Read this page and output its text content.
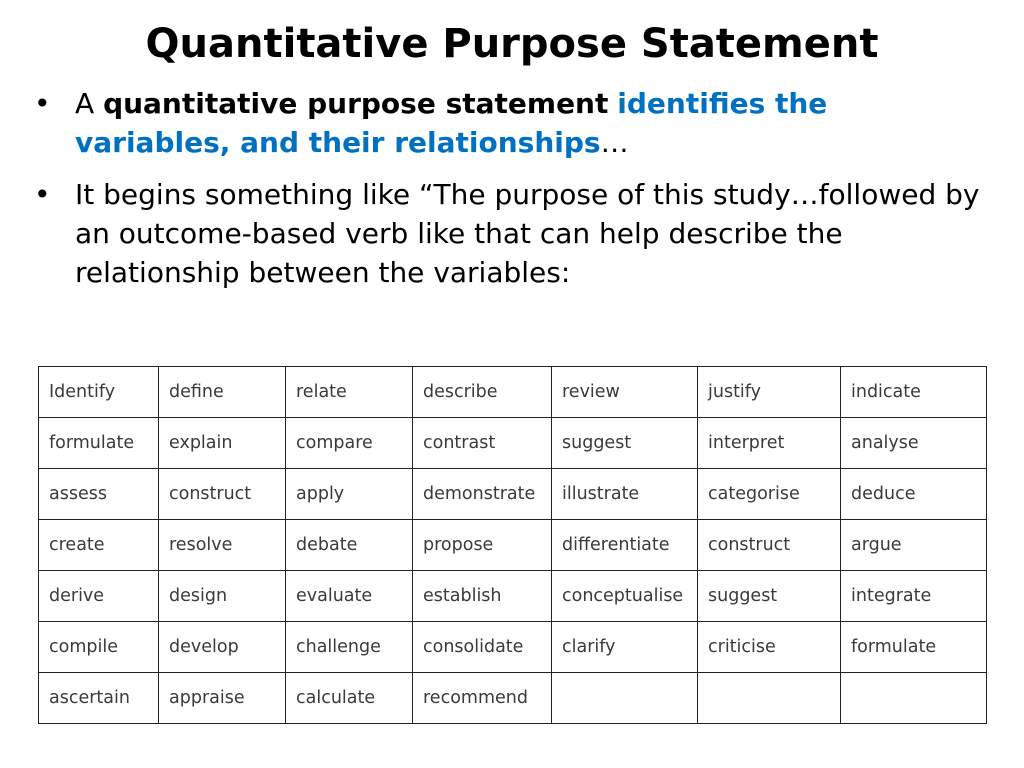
Quantitative Purpose Statement
• A quantitative purpose statement identifies the variables, and their relationships…
• It begins something like “The purpose of this study…followed by an outcome-based verb like that can help describe the relationship between the variables:
Identify	define	relate	describe	review	justify	indicate
formulate	explain	compare	contrast	suggest	interpret	analyse
assess	construct	apply	demonstrate	illustrate	categorise	deduce
create	resolve	debate	propose	differentiate	construct	argue
derive	design	evaluate	establish	conceptualise	suggest	integrate
compile	develop	challenge	consolidate	clarify	criticise	formulate
ascertain	appraise	calculate	recommend			
